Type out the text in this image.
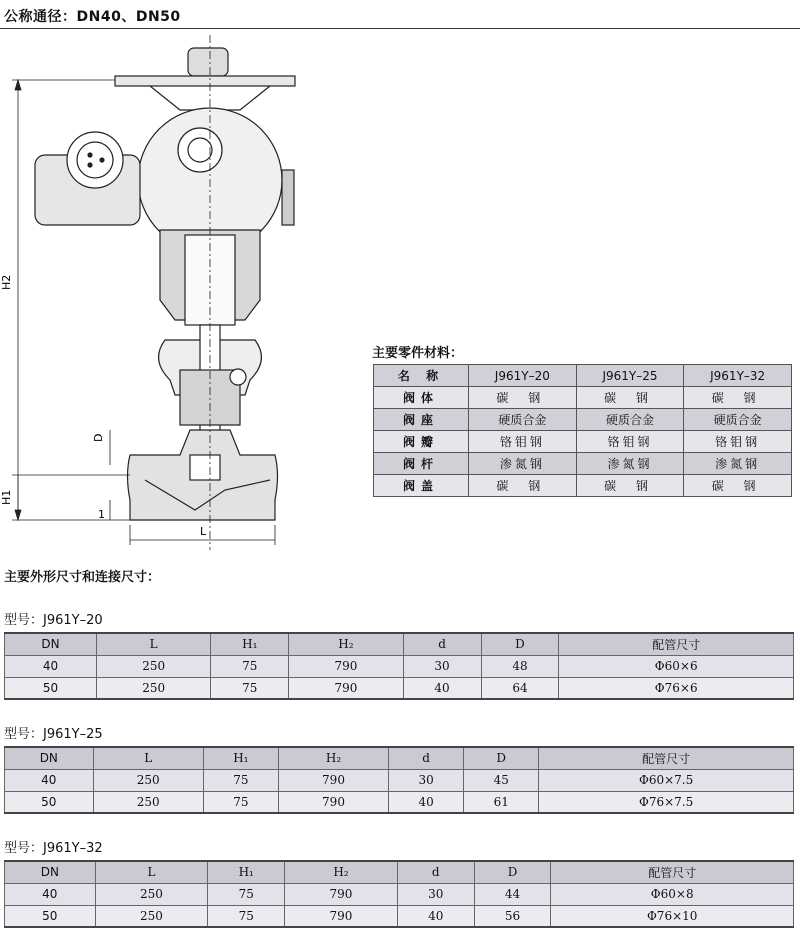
公称通径：DN40、DN50
H2
H1
D
1
L
主要零件材料：
名 称	J961Y–20	J961Y–25	J961Y–32
阀体	碳 钢	碳 钢	碳 钢
阀座	硬质合金	硬质合金	硬质合金
阀瓣	铬钼钢	铬钼钢	铬钼钢
阀杆	渗氮钢	渗氮钢	渗氮钢
阀盖	碳 钢	碳 钢	碳 钢
主要外形尺寸和连接尺寸：
型号：J961Y–20
DN	L	H₁	H₂	d	D	配管尺寸
40	250	75	790	30	48	Φ60×6
50	250	75	790	40	64	Φ76×6
型号：J961Y–25
DN	L	H₁	H₂	d	D	配管尺寸
40	250	75	790	30	45	Φ60×7.5
50	250	75	790	40	61	Φ76×7.5
型号：J961Y–32
DN	L	H₁	H₂	d	D	配管尺寸
40	250	75	790	30	44	Φ60×8
50	250	75	790	40	56	Φ76×10
